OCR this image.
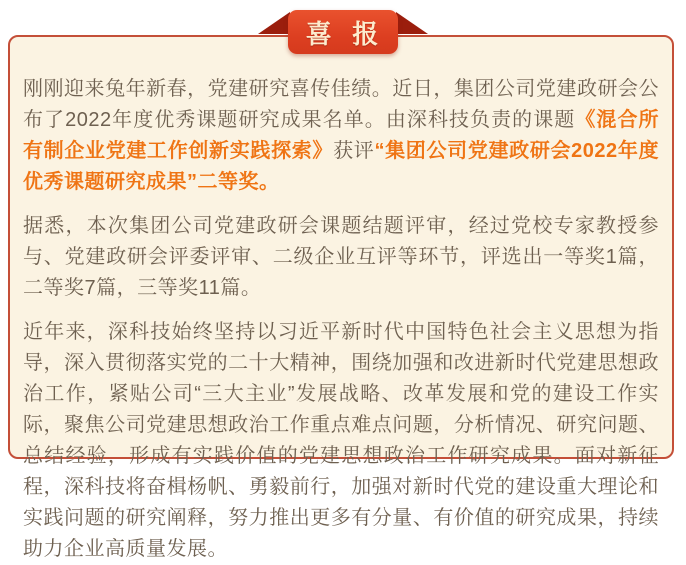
刚刚迎来兔年新春，党建研究喜传佳绩。近日，集团公司党建政研会公布了2022年度优秀课题研究成果名单。由深科技负责的课题《混合所有制企业党建工作创新实践探索》获评“集团公司党建政研会2022年度优秀课题研究成果”二等奖。

据悉，本次集团公司党建政研会课题结题评审，经过党校专家教授参与、党建政研会评委评审、二级企业互评等环节，评选出一等奖1篇，二等奖7篇，三等奖11篇。

近年来，深科技始终坚持以习近平新时代中国特色社会主义思想为指导，深入贯彻落实党的二十大精神，围绕加强和改进新时代党建思想政治工作，紧贴公司“三大主业”发展战略、改革发展和党的建设工作实际，聚焦公司党建思想政治工作重点难点问题，分析情况、研究问题、总结经验，形成有实践价值的党建思想政治工作研究成果。面对新征程，深科技将奋楫杨帆、勇毅前行，加强对新时代党的建设重大理论和实践问题的研究阐释，努力推出更多有分量、有价值的研究成果，持续助力企业高质量发展。

喜  报
